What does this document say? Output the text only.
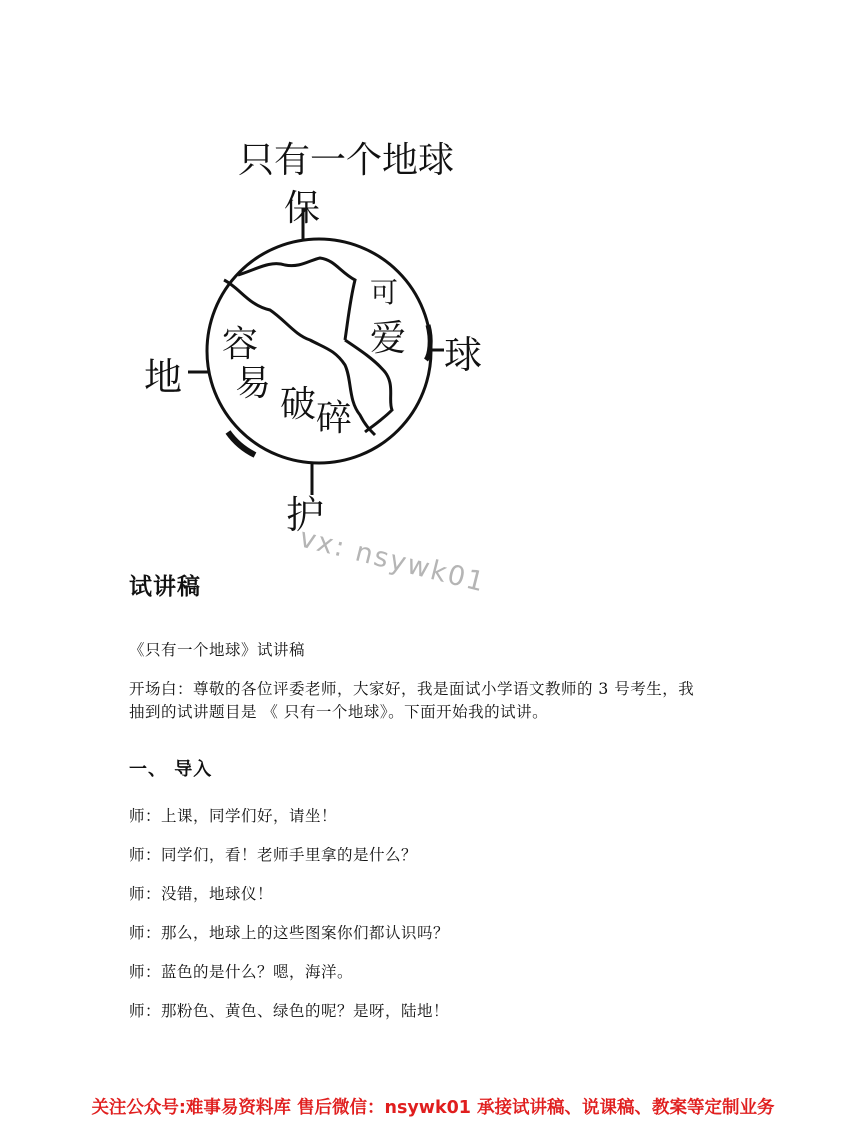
只有一个地球
保
可
爱
容
易
破 碎
地	球
护
vx: nsywk01
试讲稿

《只有一个地球》试讲稿

开场白：尊敬的各位评委老师，大家好，我是面试小学语文教师的 3 号考生，我

抽到的试讲题目是 《 只有一个地球》。下面开始我的试讲。

一、 导入

师：上课，同学们好，请坐！

师：同学们，看！老师手里拿的是什么？

师：没错，地球仪！

师：那么，地球上的这些图案你们都认识吗？

师：蓝色的是什么？嗯，海洋。

师：那粉色、黄色、绿色的呢？是呀，陆地！

关注公众号:难事易资料库 售后微信：nsywk01 承接试讲稿、说课稿、教案等定制业务
